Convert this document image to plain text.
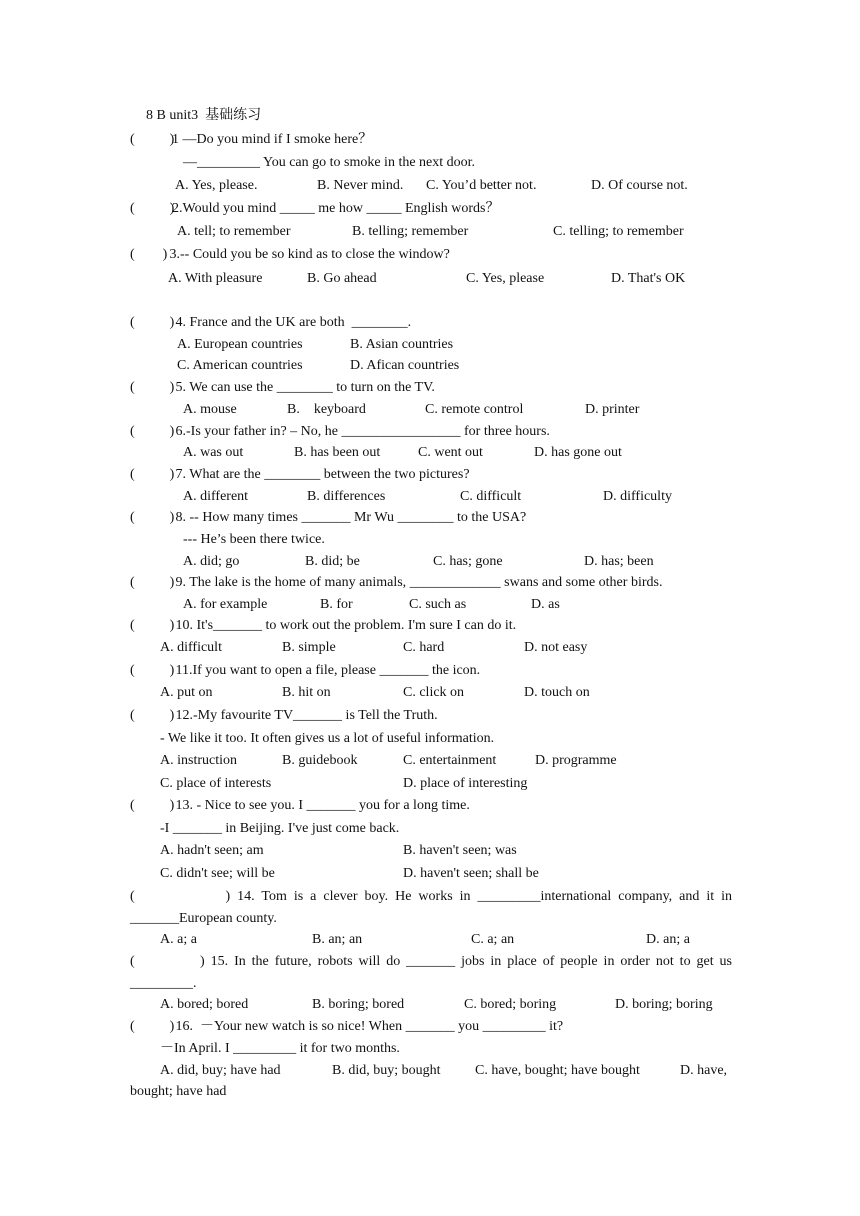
8 B unit3  基础练习
(          )
1 —Do you mind if I smoke here？
—_________ You can go to smoke in the next door.
A. Yes, please.	B. Never mind. C. You’d better not.	D. Of course not.
(          )
2.Would you mind _____ me how _____ English words？
A. tell; to remember	B. telling; remember	C. telling; to remember
(        )
3.-- Could you be so kind as to close the window?
A. With pleasure	B. Go ahead	C. Yes, please	D. That's OK
(          )
4. France and the UK are both  ________.
A. European countries	B. Asian countries
C. American countries	D. Afican countries
(          )
5. We can use the ________ to turn on the TV.
A. mouse	B.    keyboard	C. remote control	D. printer
(          )
6.-Is your father in? – No, he _________________ for three hours.
A. was out	B. has been out	C. went out	D. has gone out
(          )
7. What are the ________ between the two pictures?
A. different	B. differences	C. difficult	D. difficulty
(          )
8. -- How many times _______ Mr Wu ________ to the USA?
--- He’s been there twice.
A. did; go	B. did; be	C. has; gone	D. has; been
(          )
9. The lake is the home of many animals, _____________ swans and some other birds.
A. for example	B. for	C. such as	D. as
(          )
10. It's_______ to work out the problem. I'm sure I can do it.
A. difficult	B. simple	C. hard	D. not easy
(          )
11.If you want to open a file, please _______ the icon.
A. put on	B. hit on	C. click on	D. touch on
(          )
12.-My favourite TV_______ is Tell the Truth.
- We like it too. It often gives us a lot of useful information.
A. instruction	B. guidebook	C. entertainment	D. programme
C. place of interests	D. place of interesting
(          )
13. - Nice to see you. I _______ you for a long time.
-I _______ in Beijing. I've just come back.
A. hadn't seen; am	B. haven't seen; was
C. didn't see; will be	D. haven't seen; shall be
(             ) 14. Tom is a clever boy. He works in _________international company, and it in
_______European county.
A. a; a	B. an; an	C. a; an	D. an; a
(           ) 15. In the future, robots will do _______ jobs in place of people in order not to get us
_________.
A. bored; bored	B. boring; bored	C. bored; boring	D. boring; boring
(          )
16.  －Your new watch is so nice! When _______ you _________ it?
－In April. I _________ it for two months.
A. did, buy; have had	B. did, buy; bought C. have, bought; have bought	D. have,
bought; have had
